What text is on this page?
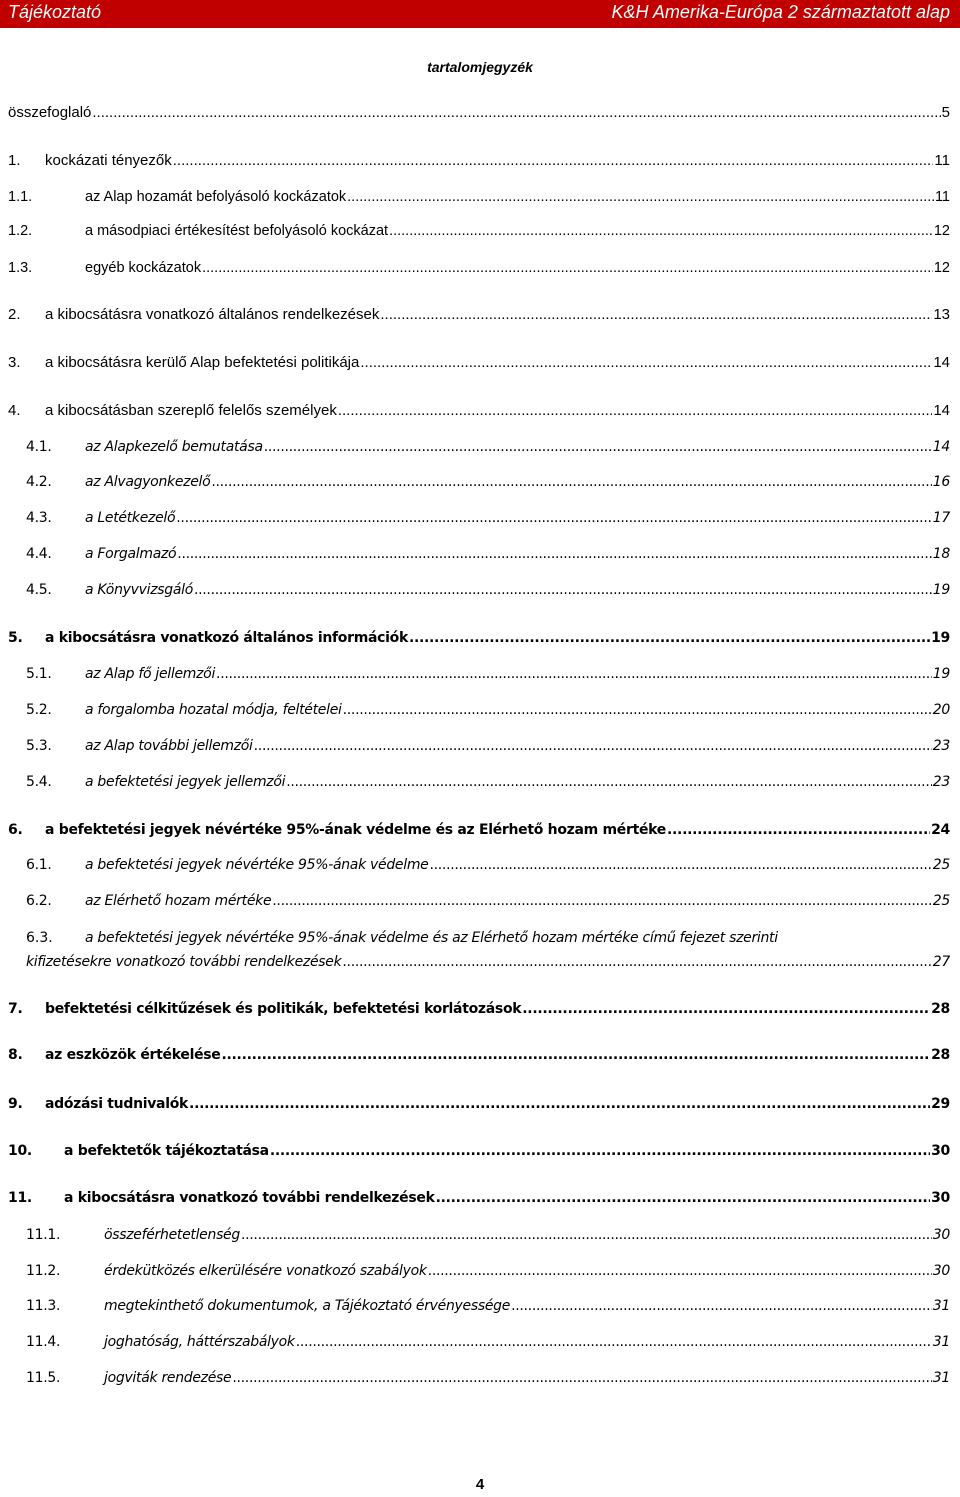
Tájékoztató	K&H Amerika-Európa 2 származtatott alap
tartalomjegyzék
összefoglaló .....	5
1.	kockázati tényezők .....	11
1.1.	az Alap hozamát befolyásoló kockázatok .....	11
1.2.	a másodpiaci értékesítést befolyásoló kockázat .....	12
1.3.	egyéb kockázatok .....	12
2.	a kibocsátásra vonatkozó általános rendelkezések .....	13
3.	a kibocsátásra kerülő Alap befektetési politikája .....	14
4.	a kibocsátásban szereplő felelős személyek .....	14
4.1.	az Alapkezelő bemutatása .....	14
4.2.	az Alvagyonkezelő .....	16
4.3.	a Letétkezelő .....	17
4.4.	a Forgalmazó .....	18
4.5.	a Könyvvizsgáló .....	19
5.	a kibocsátásra vonatkozó általános információk .....	19
5.1.	az Alap fő jellemzői .....	19
5.2.	a forgalomba hozatal módja, feltételei .....	20
5.3.	az Alap további jellemzői .....	23
5.4.	a befektetési jegyek jellemzői .....	23
6.	a befektetési jegyek névértéke 95%-ának védelme és az Elérhető hozam mértéke .....	24
6.1.	a befektetési jegyek névértéke 95%-ának védelme .....	25
6.2.	az Elérhető hozam mértéke .....	25
6.3. a befektetési jegyek névértéke 95%-ának védelme és az Elérhető hozam mértéke című fejezet szerinti
kifizetésekre vonatkozó további rendelkezések .....	27
7.	befektetési célkitűzések és politikák, befektetési korlátozások .....	28
8.	az eszközök értékelése .....	28
9.	adózási tudnivalók .....	29
10.	a befektetők tájékoztatása .....	30
11.	a kibocsátásra vonatkozó további rendelkezések .....	30
11.1.	összeférhetetlenség .....	30
11.2.	érdekütközés elkerülésére vonatkozó szabályok .....	30
11.3.	megtekinthető dokumentumok, a Tájékoztató érvényessége .....	31
11.4.	joghatóság, háttérszabályok .....	31
11.5.	jogviták rendezése .....	31
4
